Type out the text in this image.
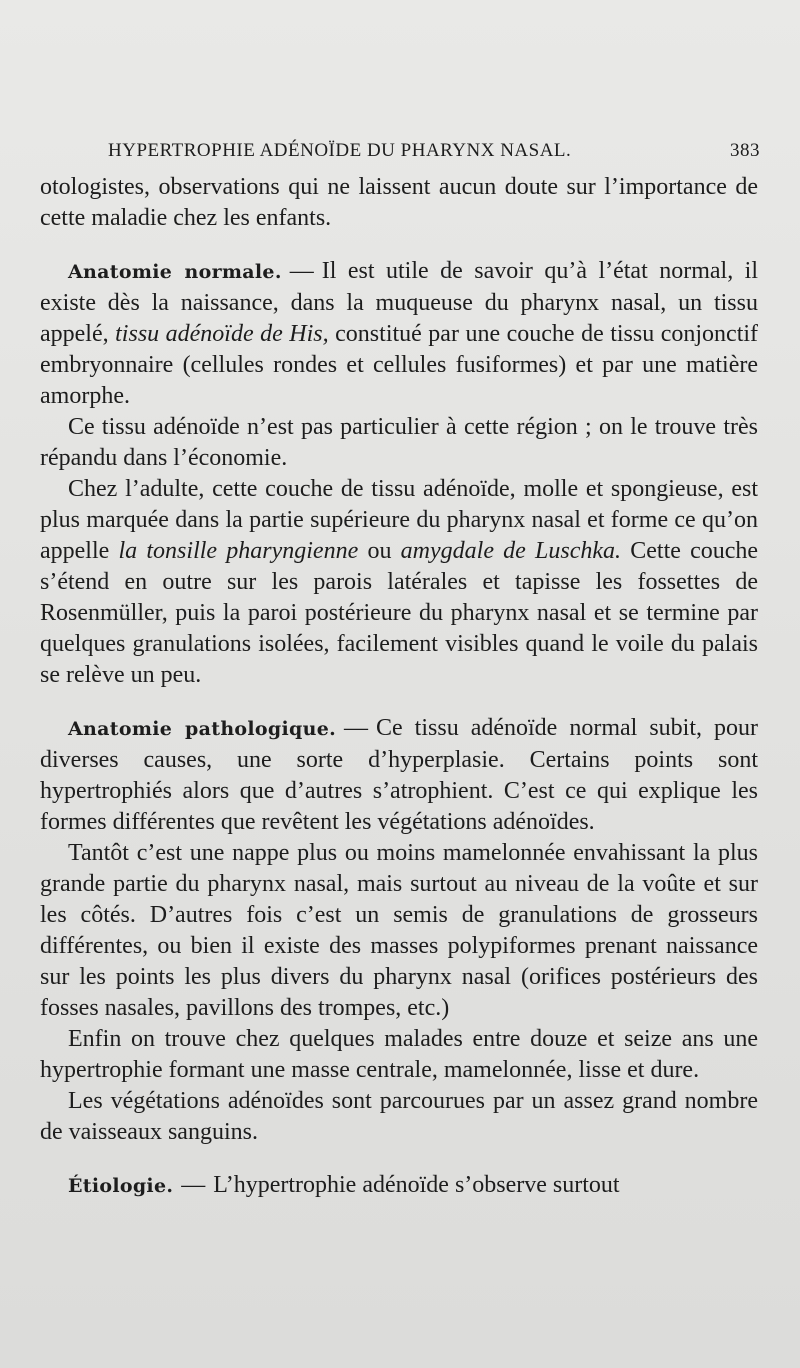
HYPERTROPHIE ADÉNOÏDE DU PHARYNX NASAL.	383

otologistes, observations qui ne laissent aucun doute sur l’importance de cette maladie chez les enfants.

Anatomie normale. — Il est utile de savoir qu’à l’état normal, il existe dès la naissance, dans la muqueuse du pharynx nasal, un tissu appelé, tissu adénoïde de His, constitué par une couche de tissu conjonctif embryonnaire (cellules rondes et cellules fusiformes) et par une matière amorphe.

Ce tissu adénoïde n’est pas particulier à cette région ; on le trouve très répandu dans l’économie.

Chez l’adulte, cette couche de tissu adénoïde, molle et spongieuse, est plus marquée dans la partie supérieure du pharynx nasal et forme ce qu’on appelle la tonsille pharyngienne ou amygdale de Luschka. Cette couche s’étend en outre sur les parois latérales et tapisse les fossettes de Rosenmüller, puis la paroi postérieure du pharynx nasal et se termine par quelques granulations isolées, facilement visibles quand le voile du palais se relève un peu.

Anatomie pathologique. — Ce tissu adénoïde normal subit, pour diverses causes, une sorte d’hyperplasie. Certains points sont hypertrophiés alors que d’autres s’atrophient. C’est ce qui explique les formes différentes que revêtent les végétations adénoïdes.

Tantôt c’est une nappe plus ou moins mamelonnée envahissant la plus grande partie du pharynx nasal, mais surtout au niveau de la voûte et sur les côtés. D’autres fois c’est un semis de granulations de grosseurs différentes, ou bien il existe des masses polypiformes prenant naissance sur les points les plus divers du pharynx nasal (orifices postérieurs des fosses nasales, pavillons des trompes, etc.)

Enfin on trouve chez quelques malades entre douze et seize ans une hypertrophie formant une masse centrale, mamelonnée, lisse et dure.

Les végétations adénoïdes sont parcourues par un assez grand nombre de vaisseaux sanguins.

Étiologie. — L’hypertrophie adénoïde s’observe surtout
